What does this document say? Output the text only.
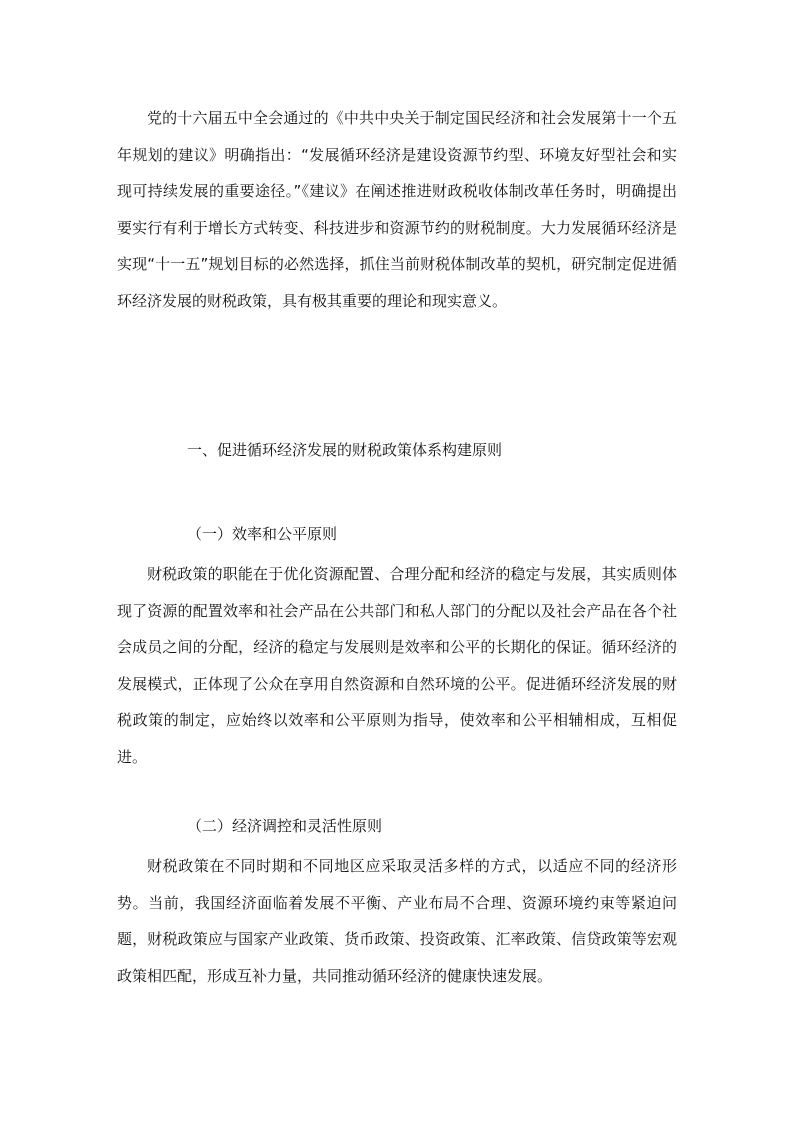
党的十六届五中全会通过的《中共中央关于制定国民经济和社会发展第十一个五年规划的建议》明确指出：“发展循环经济是建设资源节约型、环境友好型社会和实现可持续发展的重要途径。”《建议》在阐述推进财政税收体制改革任务时，明确提出要实行有利于增长方式转变、科技进步和资源节约的财税制度。大力发展循环经济是实现“十一五”规划目标的必然选择，抓住当前财税体制改革的契机，研究制定促进循环经济发展的财税政策，具有极其重要的理论和现实意义。

一、促进循环经济发展的财税政策体系构建原则
（一）效率和公平原则

财税政策的职能在于优化资源配置、合理分配和经济的稳定与发展，其实质则体现了资源的配置效率和社会产品在公共部门和私人部门的分配以及社会产品在各个社会成员之间的分配，经济的稳定与发展则是效率和公平的长期化的保证。循环经济的发展模式，正体现了公众在享用自然资源和自然环境的公平。促进循环经济发展的财税政策的制定，应始终以效率和公平原则为指导，使效率和公平相辅相成，互相促进。

（二）经济调控和灵活性原则

财税政策在不同时期和不同地区应采取灵活多样的方式，以适应不同的经济形势。当前，我国经济面临着发展不平衡、产业布局不合理、资源环境约束等紧迫问题，财税政策应与国家产业政策、货币政策、投资政策、汇率政策、信贷政策等宏观政策相匹配，形成互补力量，共同推动循环经济的健康快速发展。
